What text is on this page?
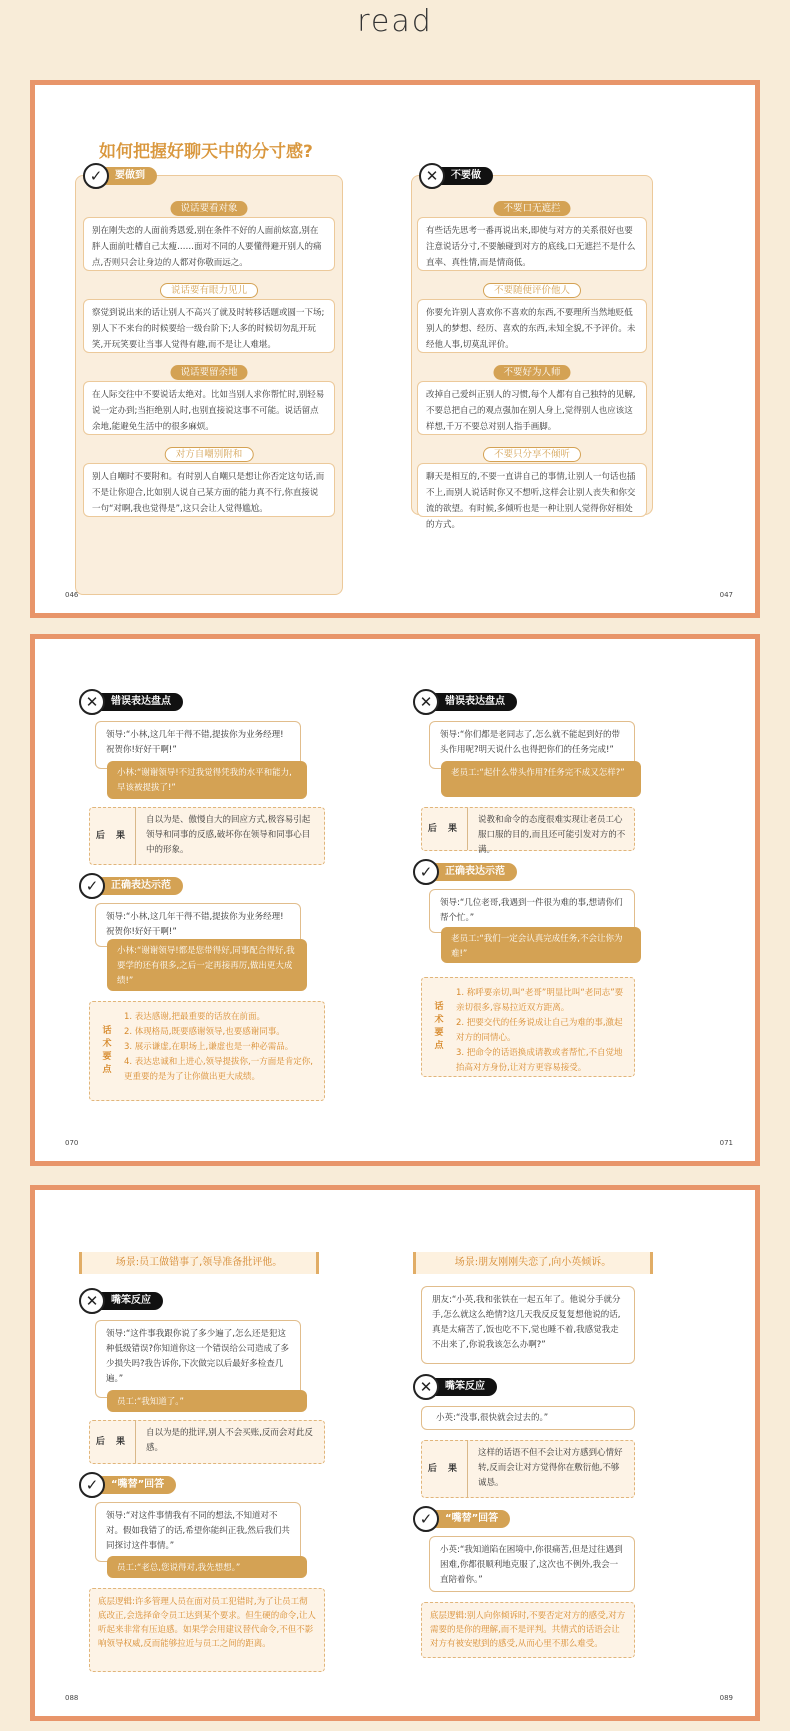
read
如何把握好聊天中的分寸感?
✓	要做到
说话要看对象
别在刚失恋的人面前秀恩爱,别在条件不好的人面前炫富,别在胖人面前吐槽自己太瘦……面对不同的人要懂得避开别人的痛点,否则只会让身边的人都对你敬而远之。
说话要有眼力见儿
察觉到说出来的话让别人不高兴了就及时转移话题或圆一下场;别人下不来台的时候要给一级台阶下;人多的时候切勿乱开玩笑,开玩笑要让当事人觉得有趣,而不是让人难堪。
说话要留余地
在人际交往中不要说话太绝对。比如当别人求你帮忙时,别轻易说一定办到;当拒绝别人时,也别直接说这事不可能。说话留点余地,能避免生活中的很多麻烦。
对方自嘲别附和
别人自嘲时不要附和。有时别人自嘲只是想让你否定这句话,而不是让你迎合,比如别人说自己某方面的能力真不行,你直接说一句“对啊,我也觉得是”,这只会让人觉得尴尬。
046
✕	不要做
不要口无遮拦
有些话先思考一番再说出来,即使与对方的关系很好也要注意说话分寸,不要触碰到对方的底线,口无遮拦不是什么直率、真性情,而是情商低。
不要随便评价他人
你要允许别人喜欢你不喜欢的东西,不要理所当然地贬低别人的梦想、经历、喜欢的东西,未知全貌,不予评价。未经他人事,切莫乱评价。
不要好为人师
改掉自己爱纠正别人的习惯,每个人都有自己独特的见解,不要总把自己的观点强加在别人身上,觉得别人也应该这样想,千万不要总对别人指手画脚。
不要只分享不倾听
聊天是相互的,不要一直讲自己的事情,让别人一句话也插不上,而别人说话时你又不想听,这样会让别人丧失和你交流的欲望。有时候,多倾听也是一种让别人觉得你好相处的方式。
047
✕	错误表达盘点
领导:“小林,这几年干得不错,提拔你为业务经理!祝贺你!好好干啊!”
小林:“谢谢领导!不过我觉得凭我的水平和能力,早该被提拔了!”
后 果
自以为是、傲慢自大的回应方式,极容易引起领导和同事的反感,破坏你在领导和同事心目中的形象。
✓	正确表达示范
领导:“小林,这几年干得不错,提拔你为业务经理!祝贺你!好好干啊!”
小林:“谢谢领导!都是您带得好,同事配合得好,我要学的还有很多,之后一定再接再厉,做出更大成绩!”
话术要点
1. 表达感谢,把最重要的话放在前面。
2. 体现格局,既要感谢领导,也要感谢同事。
3. 展示谦虚,在职场上,谦虚也是一种必需品。
4. 表达忠诚和上进心,领导提拔你,一方面是肯定你,更重要的是为了让你做出更大成绩。
070
✕	错误表达盘点
领导:“你们都是老同志了,怎么就不能起到好的带头作用呢?明天说什么也得把你们的任务完成!”
老员工:“起什么带头作用?任务完不成又怎样?”
后 果
说教和命令的态度很难实现让老员工心服口服的目的,而且还可能引发对方的不满。
✓	正确表达示范
领导:“几位老哥,我遇到一件很为难的事,想请你们帮个忙。”
老员工:“我们一定会认真完成任务,不会让你为难!”
话术要点
1. 称呼要亲切,叫“老哥”明显比叫“老同志”要亲切很多,容易拉近双方距离。
2. 把要交代的任务说成让自己为难的事,激起对方的同情心。
3. 把命令的话语换成请教或者帮忙,不自觉地抬高对方身份,让对方更容易接受。
071
场景:员工做错事了,领导准备批评他。
✕	嘴笨反应
领导:“这件事我跟你说了多少遍了,怎么还是犯这种低级错误?你知道你这一个错误给公司造成了多少损失吗?我告诉你,下次做完以后最好多检查几遍。”
员工:“我知道了。”
后 果
自以为是的批评,别人不会买账,反而会对此反感。
✓	“嘴替”回答
领导:“对这件事情我有不同的想法,不知道对不对。假如我错了的话,希望你能纠正我,然后我们共同探讨这件事情。”
员工:“老总,您说得对,我先想想。”
底层逻辑:许多管理人员在面对员工犯错时,为了让员工彻底改正,会选择命令员工达到某个要求。但生硬的命令,让人听起来非常有压迫感。如果学会用建议替代命令,不但不影响领导权威,反而能够拉近与员工之间的距离。
088
场景:朋友刚刚失恋了,向小英倾诉。
朋友:“小英,我和张铁在一起五年了。他说分手就分手,怎么就这么绝情?这几天我反反复复想他说的话,真是太痛苦了,饭也吃不下,觉也睡不着,我感觉我走不出来了,你说我该怎么办啊?”
✕	嘴笨反应
小英:“没事,很快就会过去的。”
后 果
这样的话语不但不会让对方感到心情好转,反而会让对方觉得你在敷衍他,不够诚恳。
✓	“嘴替”回答
小英:“我知道陷在困境中,你很痛苦,但是过往遇到困难,你都很顺利地克服了,这次也不例外,我会一直陪着你。”
底层逻辑:别人向你倾诉时,不要否定对方的感受,对方需要的是你的理解,而不是评判。共情式的话语会让对方有被安慰到的感受,从而心里不那么难受。
089
